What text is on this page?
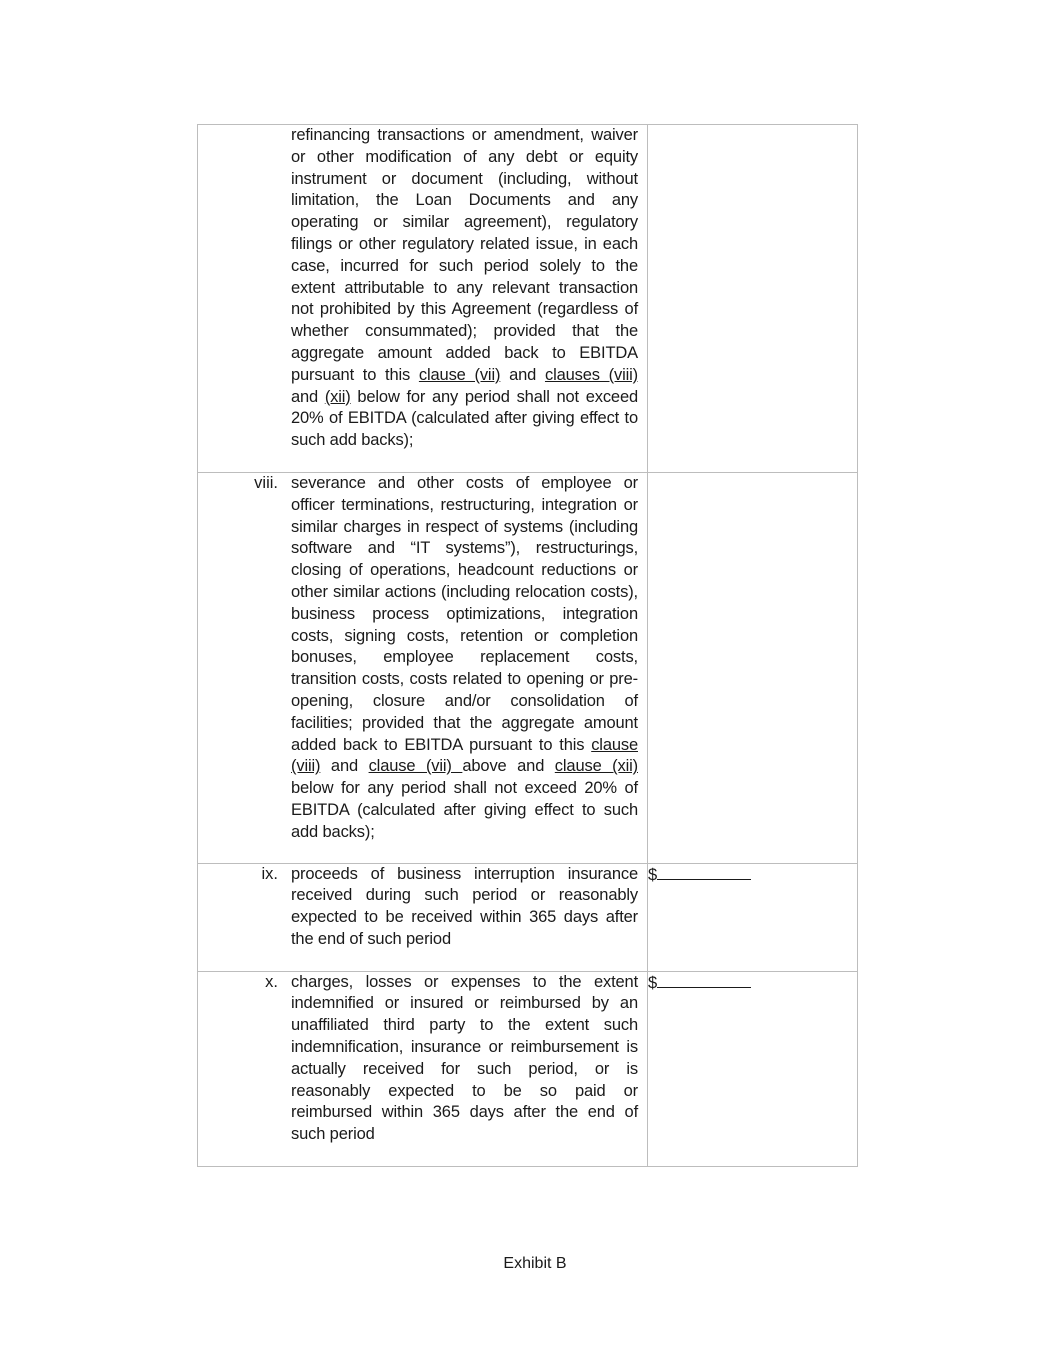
refinancing transactions or amendment, waiver or other modification of any debt or equity instrument or document (including, without limitation, the Loan Documents and any operating or similar agreement), regulatory filings or other regulatory related issue, in each case, incurred for such period solely to the extent attributable to any relevant transaction not prohibited by this Agreement (regardless of whether consummated); provided that the aggregate amount added back to EBITDA pursuant to this clause (vii) and clauses (viii) and (xii) below for any period shall not exceed 20% of EBITDA (calculated after giving effect to such add backs);	

viii. severance and other costs of employee or officer terminations, restructuring, integration or similar charges in respect of systems (including software and “IT systems”), restructurings, closing of operations, headcount reductions or other similar actions (including relocation costs), business process optimizations, integration costs, signing costs, retention or completion bonuses, employee replacement costs, transition costs, costs related to opening or pre-opening, closure and/or consolidation of facilities; provided that the aggregate amount added back to EBITDA pursuant to this clause (viii) and clause (vii) above and clause (xii) below for any period shall not exceed 20% of EBITDA (calculated after giving effect to such add backs);	

ix. proceeds of business interruption insurance received during such period or reasonably expected to be received within 365 days after the end of such period	$

x. charges, losses or expenses to the extent indemnified or insured or reimbursed by an unaffiliated third party to the extent such indemnification, insurance or reimbursement is actually received for such period, or is reasonably expected to be so paid or reimbursed within 365 days after the end of such period	$
Exhibit B
